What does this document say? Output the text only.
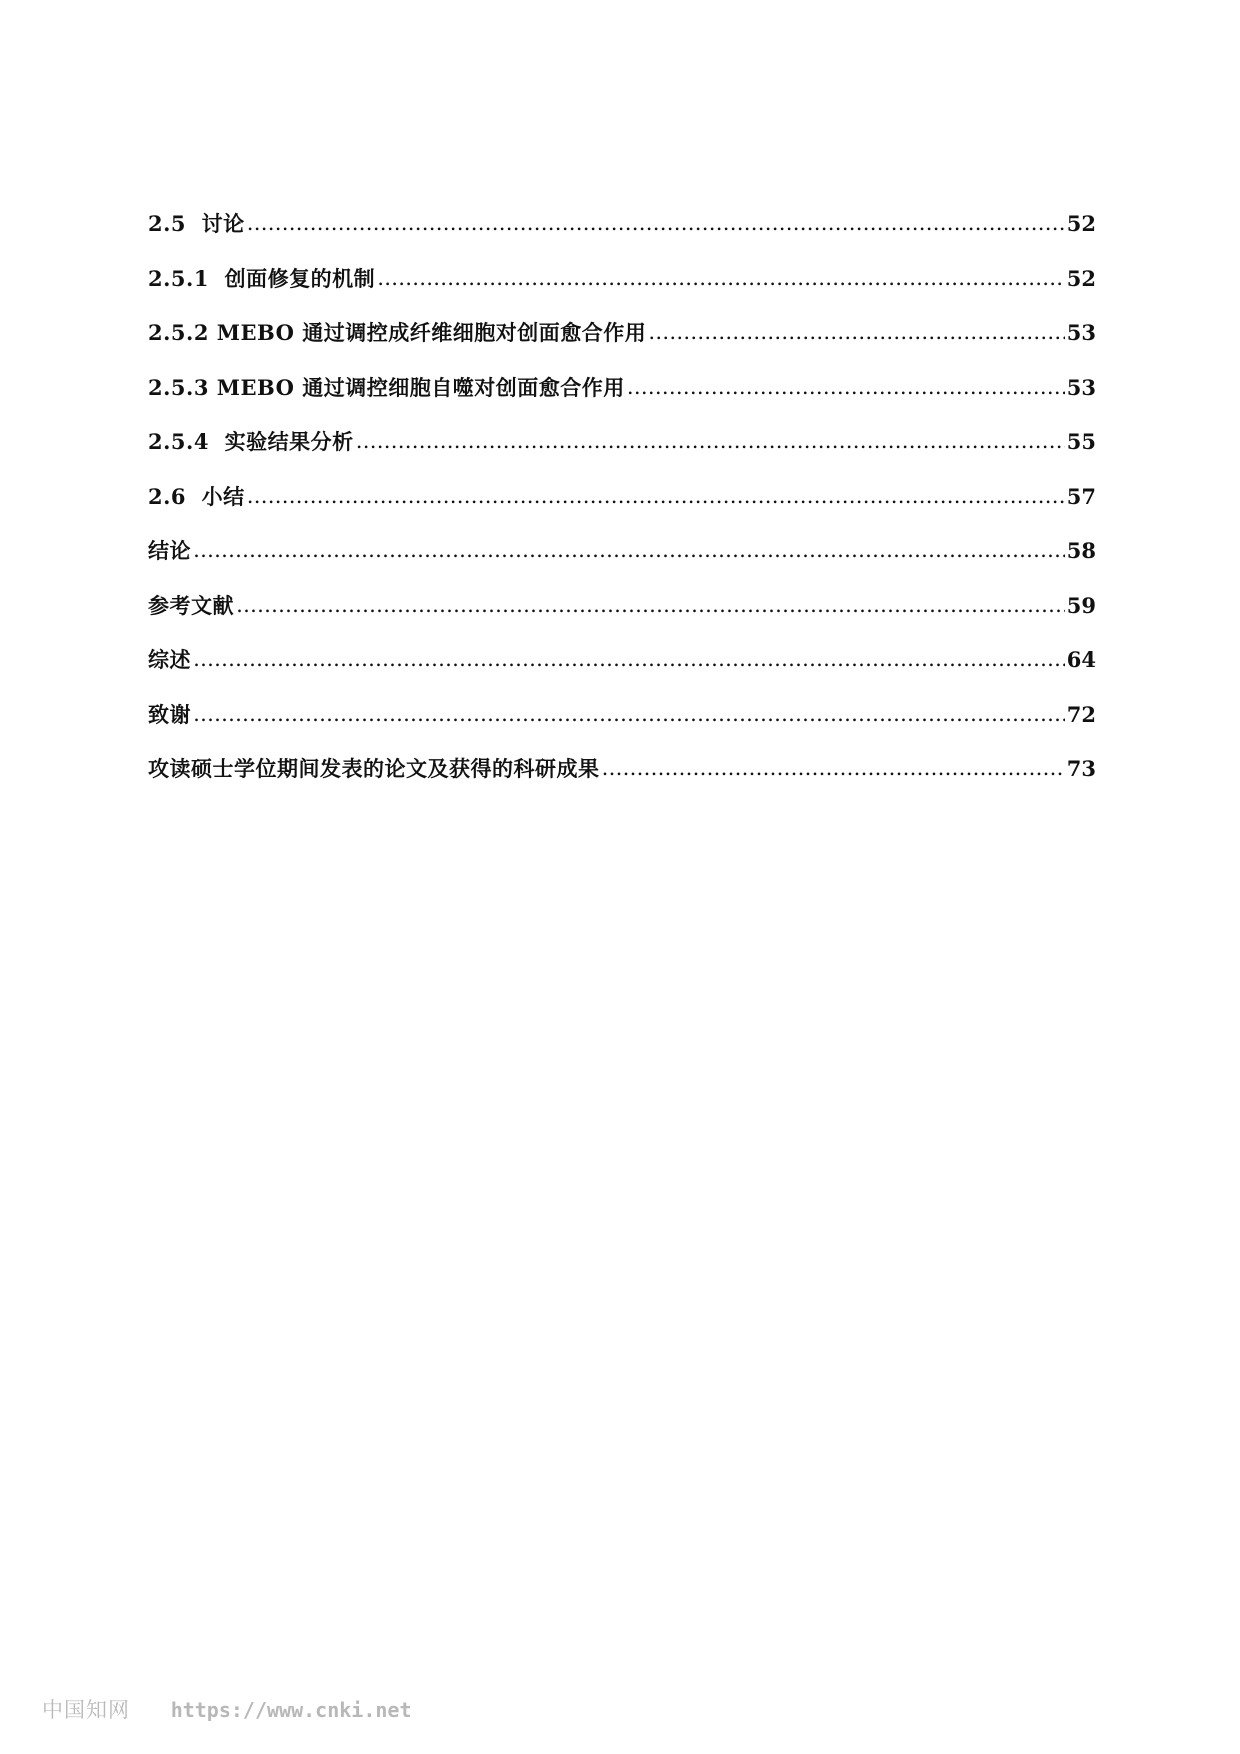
2.5 讨论 …………………………………………………………………………………………………………………………………………………………………………………………	52
2.5.1 创面修复的机制 …………………………………………………………………………………………………………………………………………………………………………………………	52
2.5.2 MEBO 通过调控成纤维细胞对创面愈合作用 …………………………………………………………………………………………………………………………………………………………………………………………	53
2.5.3 MEBO 通过调控细胞自噬对创面愈合作用 …………………………………………………………………………………………………………………………………………………………………………………………	53
2.5.4 实验结果分析 …………………………………………………………………………………………………………………………………………………………………………………………	55
2.6 小结 …………………………………………………………………………………………………………………………………………………………………………………………	57
结论 …………………………………………………………………………………………………………………………………………………………………………………………	58
参考文献 …………………………………………………………………………………………………………………………………………………………………………………………	59
综述 …………………………………………………………………………………………………………………………………………………………………………………………	64
致谢 …………………………………………………………………………………………………………………………………………………………………………………………	72
攻读硕士学位期间发表的论文及获得的科研成果 …………………………………………………………………………………………………………………………………………………………………………………………	73
中国知网 https://www.cnki.net
